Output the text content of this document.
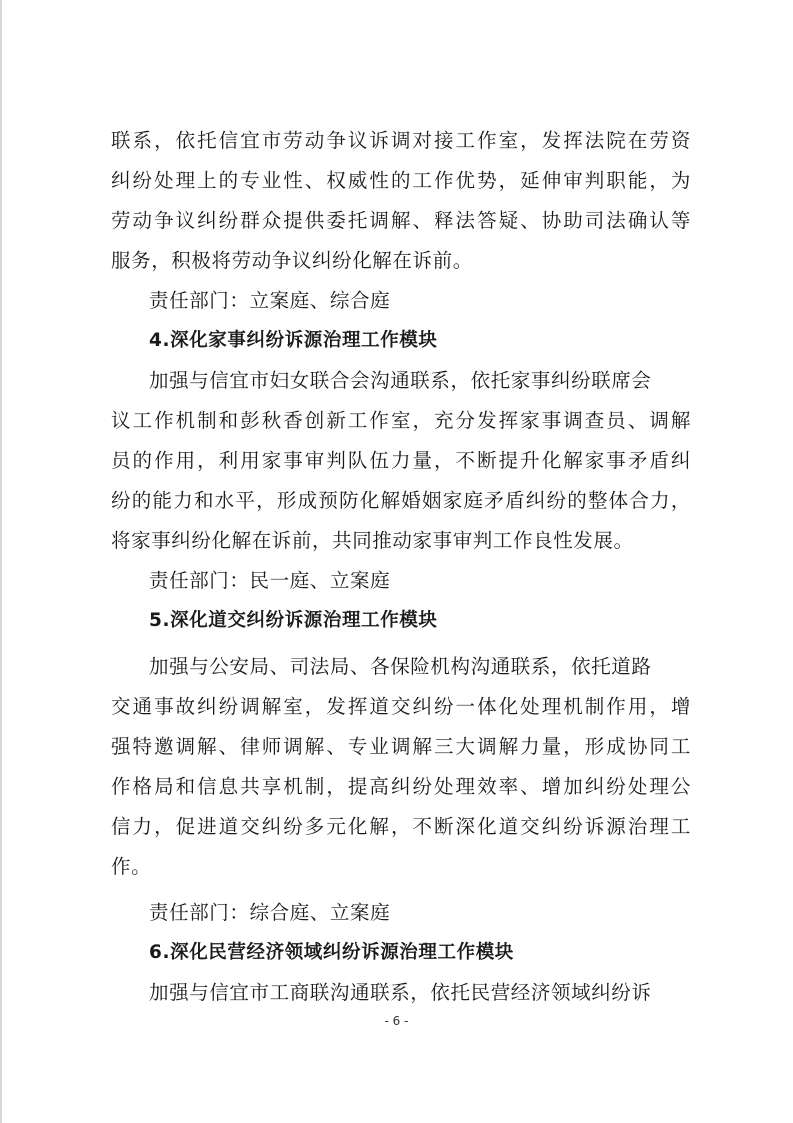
联系，依托信宜市劳动争议诉调对接工作室，发挥法院在劳资
纠纷处理上的专业性、权威性的工作优势，延伸审判职能，为
劳动争议纠纷群众提供委托调解、释法答疑、协助司法确认等
服务，积极将劳动争议纠纷化解在诉前。
责任部门：立案庭、综合庭
4.深化家事纠纷诉源治理工作模块
加强与信宜市妇女联合会沟通联系，依托家事纠纷联席会
议工作机制和彭秋香创新工作室，充分发挥家事调查员、调解
员的作用，利用家事审判队伍力量，不断提升化解家事矛盾纠
纷的能力和水平，形成预防化解婚姻家庭矛盾纠纷的整体合力，
将家事纠纷化解在诉前，共同推动家事审判工作良性发展。
责任部门：民一庭、立案庭
5.深化道交纠纷诉源治理工作模块
加强与公安局、司法局、各保险机构沟通联系，依托道路
交通事故纠纷调解室，发挥道交纠纷一体化处理机制作用，增
强特邀调解、律师调解、专业调解三大调解力量，形成协同工
作格局和信息共享机制，提高纠纷处理效率、增加纠纷处理公
信力，促进道交纠纷多元化解，不断深化道交纠纷诉源治理工
作。
责任部门：综合庭、立案庭
6.深化民营经济领域纠纷诉源治理工作模块
加强与信宜市工商联沟通联系，依托民营经济领域纠纷诉
- 6 -
